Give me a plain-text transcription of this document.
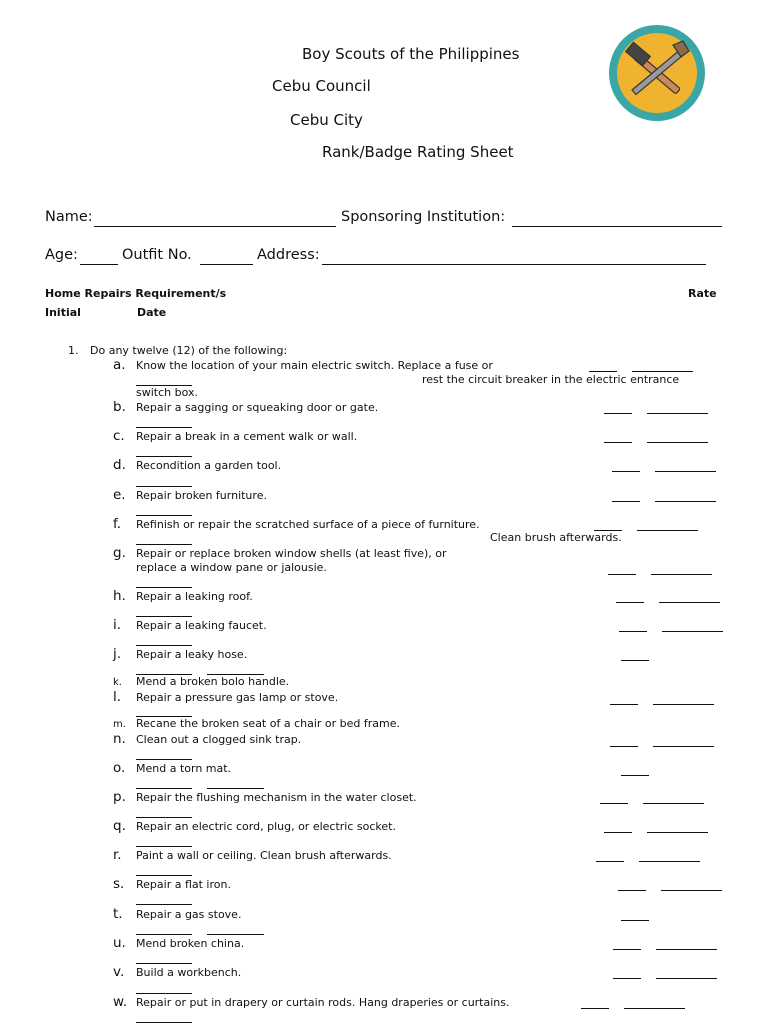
Boy Scouts of the Philippines
Cebu Council
Cebu City
Rank/Badge Rating Sheet
Name:	Sponsoring Institution:
Age:	Outfit No.	Address:
Home Repairs Requirement/s	Rate
Initial	Date
1. Do any twelve (12) of the following:
a. Know the location of your main electric switch. Replace a fuse or
rest the circuit breaker in the electric entrance
switch box.
b. Repair a sagging or squeaking door or gate.
c. Repair a break in a cement walk or wall.
d. Recondition a garden tool.
e. Repair broken furniture.
f. Refinish or repair the scratched surface of a piece of furniture.
Clean brush afterwards.
g. Repair or replace broken window shells (at least five), or
replace a window pane or jalousie.
h. Repair a leaking roof.
i. Repair a leaking faucet.
j. Repair a leaky hose.
k. Mend a broken bolo handle.
l. Repair a pressure gas lamp or stove.
m. Recane the broken seat of a chair or bed frame.
n. Clean out a clogged sink trap.
o. Mend a torn mat.
p. Repair the flushing mechanism in the water closet.
q. Repair an electric cord, plug, or electric socket.
r. Paint a wall or ceiling. Clean brush afterwards.
s. Repair a flat iron.
t. Repair a gas stove.
u. Mend broken china.
v. Build a workbench.
w. Repair or put in drapery or curtain rods. Hang draperies or curtains.
